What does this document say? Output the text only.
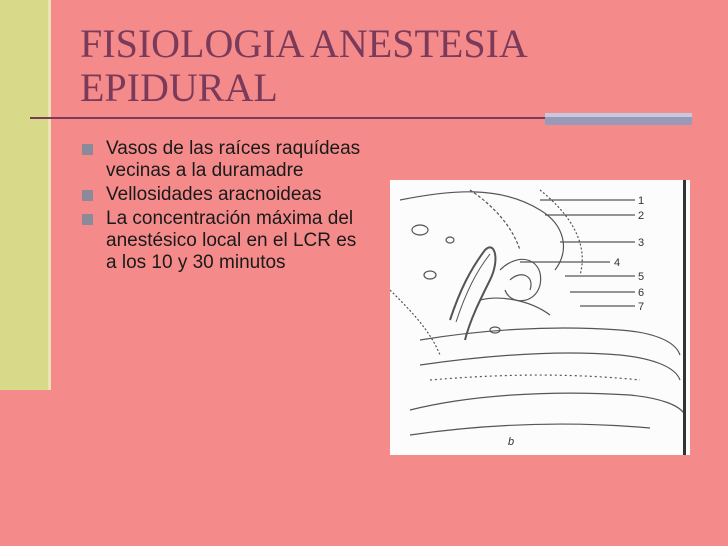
FISIOLOGIA ANESTESIA
EPIDURAL
Vasos de las raíces raquídeas vecinas a la duramadre
Vellosidades aracnoideas
La concentración máxima del anestésico local en el LCR es a los 10 y 30 minutos
1
2
3
4
5
6
7
b
